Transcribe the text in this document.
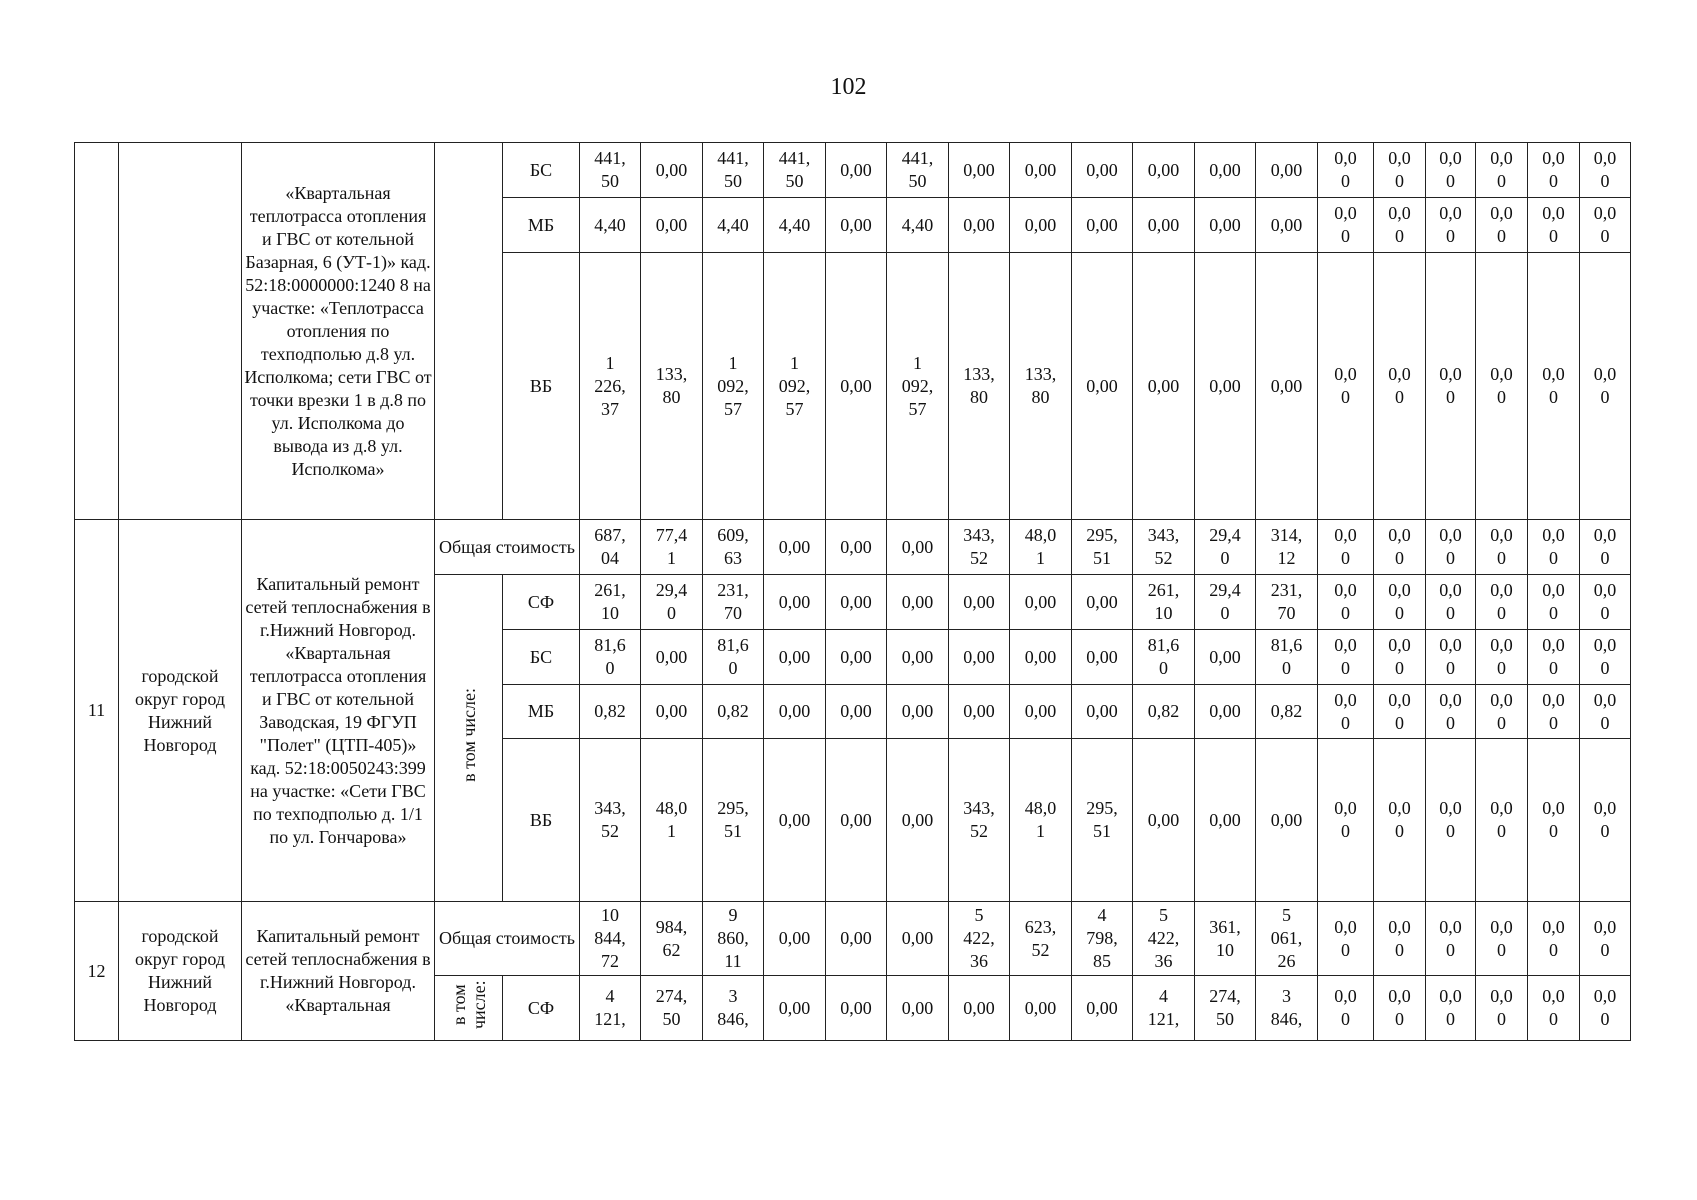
102
		«Квартальная теплотрасса отопления и ГВС от котельной Базарная, 6 (УТ-1)» кад. 52:18:0000000:1240 8 на участке: «Теплотрасса отопления по техподполью д.8 ул. Исполкома; сети ГВС от точки врезки 1 в д.8 по ул. Исполкома до вывода из д.8 ул. Исполкома»		БС	441,
50	0,00	441,
50	441,
50	0,00	441,
50	0,00	0,00	0,00	0,00	0,00	0,00	0,0
0	0,0
0	0,0
0	0,0
0	0,0
0	0,0
0
				МБ	4,40	0,00	4,40	4,40	0,00	4,40	0,00	0,00	0,00	0,00	0,00	0,00	0,0
0	0,0
0	0,0
0	0,0
0	0,0
0	0,0
0
				ВБ	1
226,
37	133,
80	1
092,
57	1
092,
57	0,00	1
092,
57	133,
80	133,
80	0,00	0,00	0,00	0,00	0,0
0	0,0
0	0,0
0	0,0
0	0,0
0	0,0
0
11	городской округ город Нижний Новгород	Капитальный ремонт сетей теплоснабжения в г.Нижний Новгород. «Квартальная теплотрасса отопления и ГВС от котельной Заводская, 19 ФГУП "Полет" (ЦТП-405)» кад. 52:18:0050243:399 на участке: «Сети ГВС по техподполью д. 1/1 по ул. Гончарова»	Общая стоимость		687,
04	77,4
1	609,
63	0,00	0,00	0,00	343,
52	48,0
1	295,
51	343,
52	29,4
0	314,
12	0,0
0	0,0
0	0,0
0	0,0
0	0,0
0	0,0
0
			в том числе:	СФ	261,
10	29,4
0	231,
70	0,00	0,00	0,00	0,00	0,00	0,00	261,
10	29,4
0	231,
70	0,0
0	0,0
0	0,0
0	0,0
0	0,0
0	0,0
0
				БС	81,6
0	0,00	81,6
0	0,00	0,00	0,00	0,00	0,00	0,00	81,6
0	0,00	81,6
0	0,0
0	0,0
0	0,0
0	0,0
0	0,0
0	0,0
0
				МБ	0,82	0,00	0,82	0,00	0,00	0,00	0,00	0,00	0,00	0,82	0,00	0,82	0,0
0	0,0
0	0,0
0	0,0
0	0,0
0	0,0
0
				ВБ	343,
52	48,0
1	295,
51	0,00	0,00	0,00	343,
52	48,0
1	295,
51	0,00	0,00	0,00	0,0
0	0,0
0	0,0
0	0,0
0	0,0
0	0,0
0
12	городской округ город Нижний Новгород	Капитальный ремонт сетей теплоснабжения в г.Нижний Новгород. «Квартальная	Общая стоимость		10
844,
72	984,
62	9
860,
11	0,00	0,00	0,00	5
422,
36	623,
52	4
798,
85	5
422,
36	361,
10	5
061,
26	0,0
0	0,0
0	0,0
0	0,0
0	0,0
0	0,0
0
			в том числе:	СФ	4
121,	274,
50	3
846,	0,00	0,00	0,00	0,00	0,00	0,00	4
121,	274,
50	3
846,	0,0
0	0,0
0	0,0
0	0,0
0	0,0
0	0,0
0
